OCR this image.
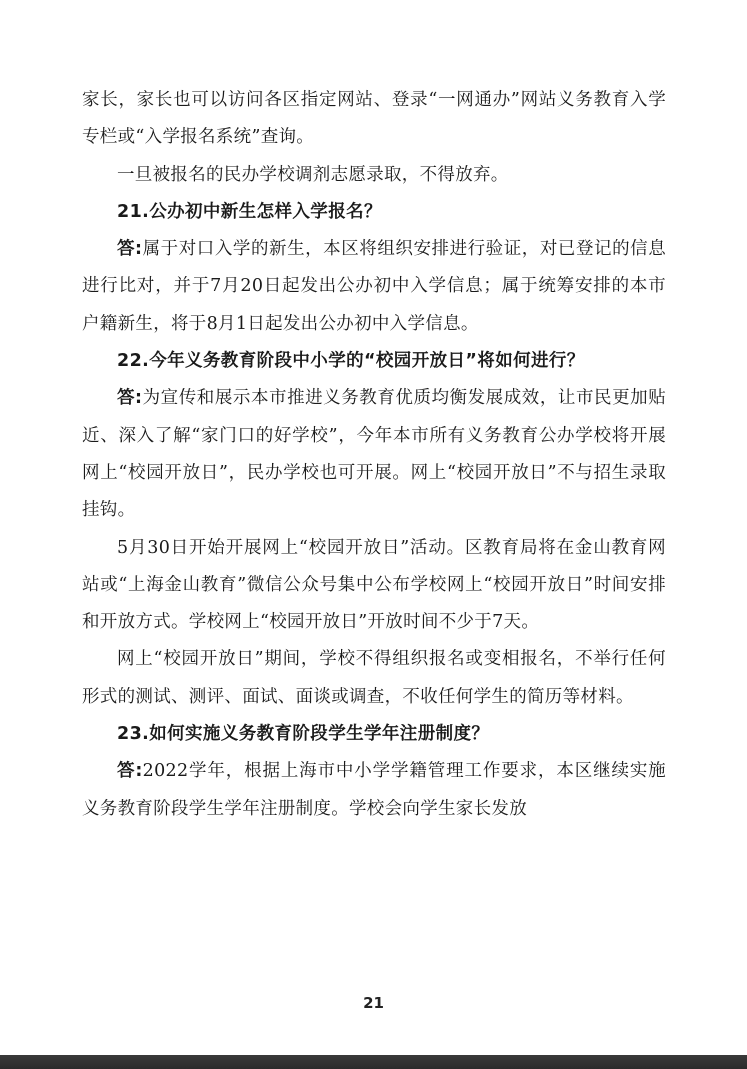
家长，家长也可以访问各区指定网站、登录“一网通办”网站义务教育入学专栏或“入学报名系统”查询。

一旦被报名的民办学校调剂志愿录取，不得放弃。

21.公办初中新生怎样入学报名？

答:属于对口入学的新生，本区将组织安排进行验证，对已登记的信息进行比对，并于7月20日起发出公办初中入学信息；属于统筹安排的本市户籍新生，将于8月1日起发出公办初中入学信息。

22.今年义务教育阶段中小学的“校园开放日”将如何进行？

答:为宣传和展示本市推进义务教育优质均衡发展成效，让市民更加贴近、深入了解“家门口的好学校”，今年本市所有义务教育公办学校将开展网上“校园开放日”，民办学校也可开展。网上“校园开放日”不与招生录取挂钩。

5月30日开始开展网上“校园开放日”活动。区教育局将在金山教育网站或“上海金山教育”微信公众号集中公布学校网上“校园开放日”时间安排和开放方式。学校网上“校园开放日”开放时间不少于7天。

网上“校园开放日”期间，学校不得组织报名或变相报名，不举行任何形式的测试、测评、面试、面谈或调查，不收任何学生的简历等材料。

23.如何实施义务教育阶段学生学年注册制度？

答:2022学年，根据上海市中小学学籍管理工作要求，本区继续实施义务教育阶段学生学年注册制度。学校会向学生家长发放

21
